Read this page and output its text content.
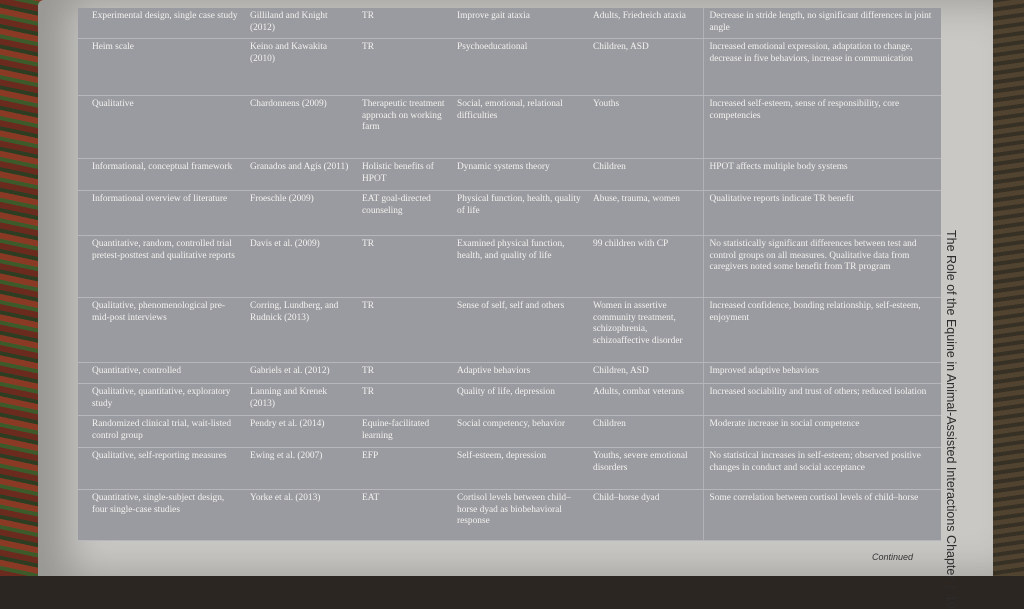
Experimental design, single case study	Gilliland and Knight (2012)	TR	Improve gait ataxia	Adults, Friedreich ataxia	Decrease in stride length, no significant differences in joint angle
Heim scale	Keino and Kawakita (2010)	TR	Psychoeducational	Children, ASD	Increased emotional expression, adaptation to change, decrease in five behaviors, increase in communication
Qualitative	Chardonnens (2009)	Therapeutic treatment approach on working farm	Social, emotional, relational difficulties	Youths	Increased self-esteem, sense of responsibility, core competencies
Informational, conceptual framework	Granados and Agís (2011)	Holistic benefits of HPOT	Dynamic systems theory	Children	HPOT affects multiple body systems
Informational overview of literature	Froeschle (2009)	EAT goal-directed counseling	Physical function, health, quality of life	Abuse, trauma, women	Qualitative reports indicate TR benefit
Quantitative, random, controlled trial pretest-posttest and qualitative reports	Davis et al. (2009)	TR	Examined physical function, health, and quality of life	99 children with CP	No statistically significant differences between test and control groups on all measures. Qualitative data from caregivers noted some benefit from TR program
Qualitative, phenomenological pre-mid-post interviews	Corring, Lundberg, and Rudnick (2013)	TR	Sense of self, self and others	Women in assertive community treatment, schizophrenia, schizoaffective disorder	Increased confidence, bonding relationship, self-esteem, enjoyment
Quantitative, controlled	Gabriels et al. (2012)	TR	Adaptive behaviors	Children, ASD	Improved adaptive behaviors
Qualitative, quantitative, exploratory study	Lanning and Krenek (2013)	TR	Quality of life, depression	Adults, combat veterans	Increased sociability and trust of others; reduced isolation
Randomized clinical trial, wait-listed control group	Pendry et al. (2014)	Equine-facilitated learning	Social competency, behavior	Children	Moderate increase in social competence
Qualitative, self-reporting measures	Ewing et al. (2007)	EFP	Self-esteem, depression	Youths, severe emotional disorders	No statistical increases in self-esteem; observed positive changes in conduct and social acceptance
Quantitative, single-subject design, four single-case studies	Yorke et al. (2013)	EAT	Cortisol levels between child–horse dyad as biobehavioral response	Child–horse dyad	Some correlation between cortisol levels of child–horse The Role of the Equine in Animal-Assisted Interactions Chapter|10
Continued
